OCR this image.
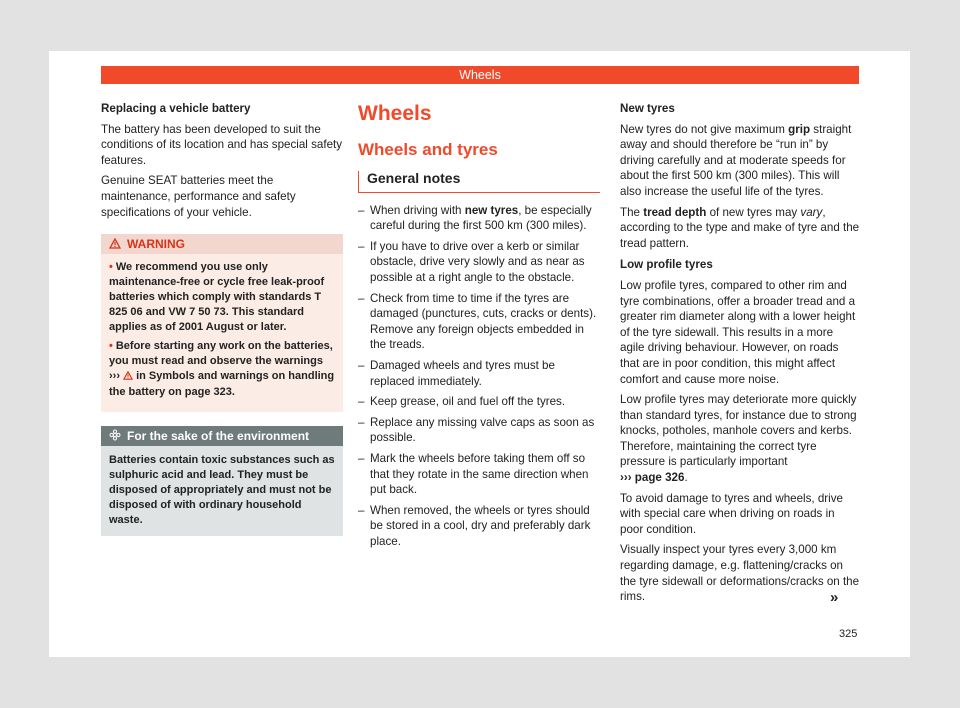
Wheels

Replacing a vehicle battery

The battery has been developed to suit the conditions of its location and has special safety features.

Genuine SEAT batteries meet the maintenance, performance and safety specifications of your vehicle.

WARNING
• We recommend you use only maintenance-free or cycle free leak-proof batteries which comply with standards T 825 06 and VW 7 50 73. This standard applies as of 2001 August or later.
• Before starting any work on the batteries, you must read and observe the warnings ›››  in Symbols and warnings on handling the battery on page 323.
For the sake of the environment
Batteries contain toxic substances such as sulphuric acid and lead. They must be disposed of appropriately and must not be disposed of with ordinary household waste.
Wheels
Wheels and tyres
General notes
– When driving with new tyres, be especially careful during the first 500 km (300 miles).
– If you have to drive over a kerb or similar obstacle, drive very slowly and as near as possible at a right angle to the obstacle.
– Check from time to time if the tyres are damaged (punctures, cuts, cracks or dents). Remove any foreign objects embedded in the treads.
– Damaged wheels and tyres must be replaced immediately.
– Keep grease, oil and fuel off the tyres.
– Replace any missing valve caps as soon as possible.
– Mark the wheels before taking them off so that they rotate in the same direction when put back.
– When removed, the wheels or tyres should be stored in a cool, dry and preferably dark place.

New tyres

New tyres do not give maximum grip straight away and should therefore be “run in” by driving carefully and at moderate speeds for about the first 500 km (300 miles). This will also increase the useful life of the tyres.

The tread depth of new tyres may vary, according to the type and make of tyre and the tread pattern.

Low profile tyres

Low profile tyres, compared to other rim and tyre combinations, offer a broader tread and a greater rim diameter along with a lower height of the tyre sidewall. This results in a more agile driving behaviour. However, on roads that are in poor condition, this might affect comfort and cause more noise.

Low profile tyres may deteriorate more quickly than standard tyres, for instance due to strong knocks, potholes, manhole covers and kerbs. Therefore, maintaining the correct tyre pressure is particularly important
››› page 326.

To avoid damage to tyres and wheels, drive with special care when driving on roads in poor condition.

Visually inspect your tyres every 3,000 km regarding damage, e.g. flattening/cracks on the tyre sidewall or deformations/cracks on the rims.	»
325
